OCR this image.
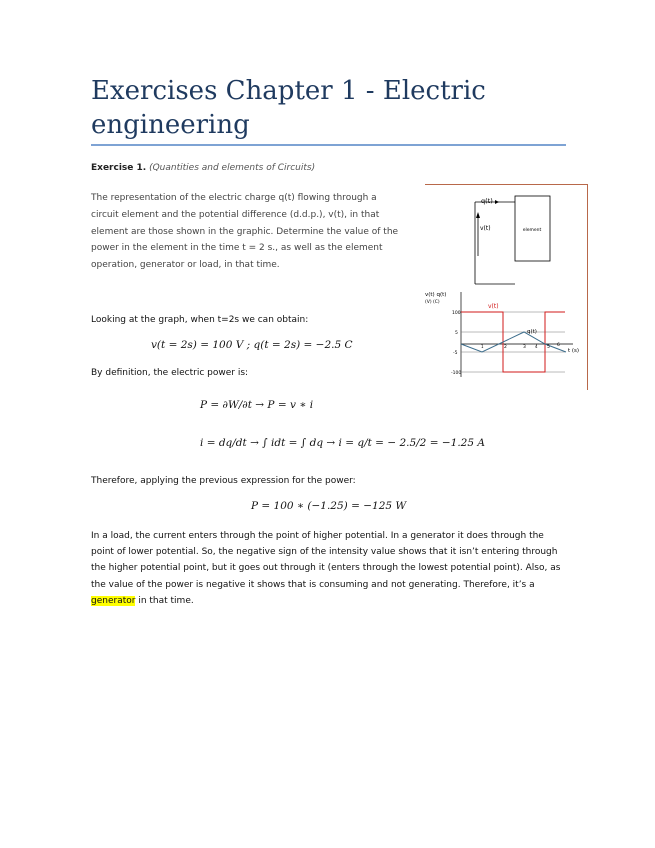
Exercises Chapter 1 - Electric engineering
Exercise 1. (Quantities and elements of Circuits)
The representation of the electric charge q(t) flowing through a circuit element and the potential difference (d.d.p.), v(t), in that element are those shown in the graphic. Determine the value of the power in the element in the time t = 2 s., as well as the element operation, generator or load, in that time.
q(t)
v(t)	element
v(t) q(t)
(V) (C)
100
5
-5
-100
v(t)
q(t)
1	2	3 4 5 6
t (s)
Looking at the graph, when t=2s we can obtain:
v(t = 2s) = 100 V ; q(t = 2s) = −2.5 C
By definition, the electric power is:
P = ∂W/∂t → P = v ∗ i
i = dq/dt → ∫ idt = ∫ dq → i = q/t = − 2.5/2 = −1.25 A
Therefore, applying the previous expression for the power:
P = 100 ∗ (−1.25) = −125 W
In a load, the current enters through the point of higher potential. In a generator it does through the point of lower potential. So, the negative sign of the intensity value shows that it isn’t entering through the higher potential point, but it goes out through it (enters through the lowest potential point). Also, as the value of the power is negative it shows that is consuming and not generating. Therefore, it’s a generator in that time.
